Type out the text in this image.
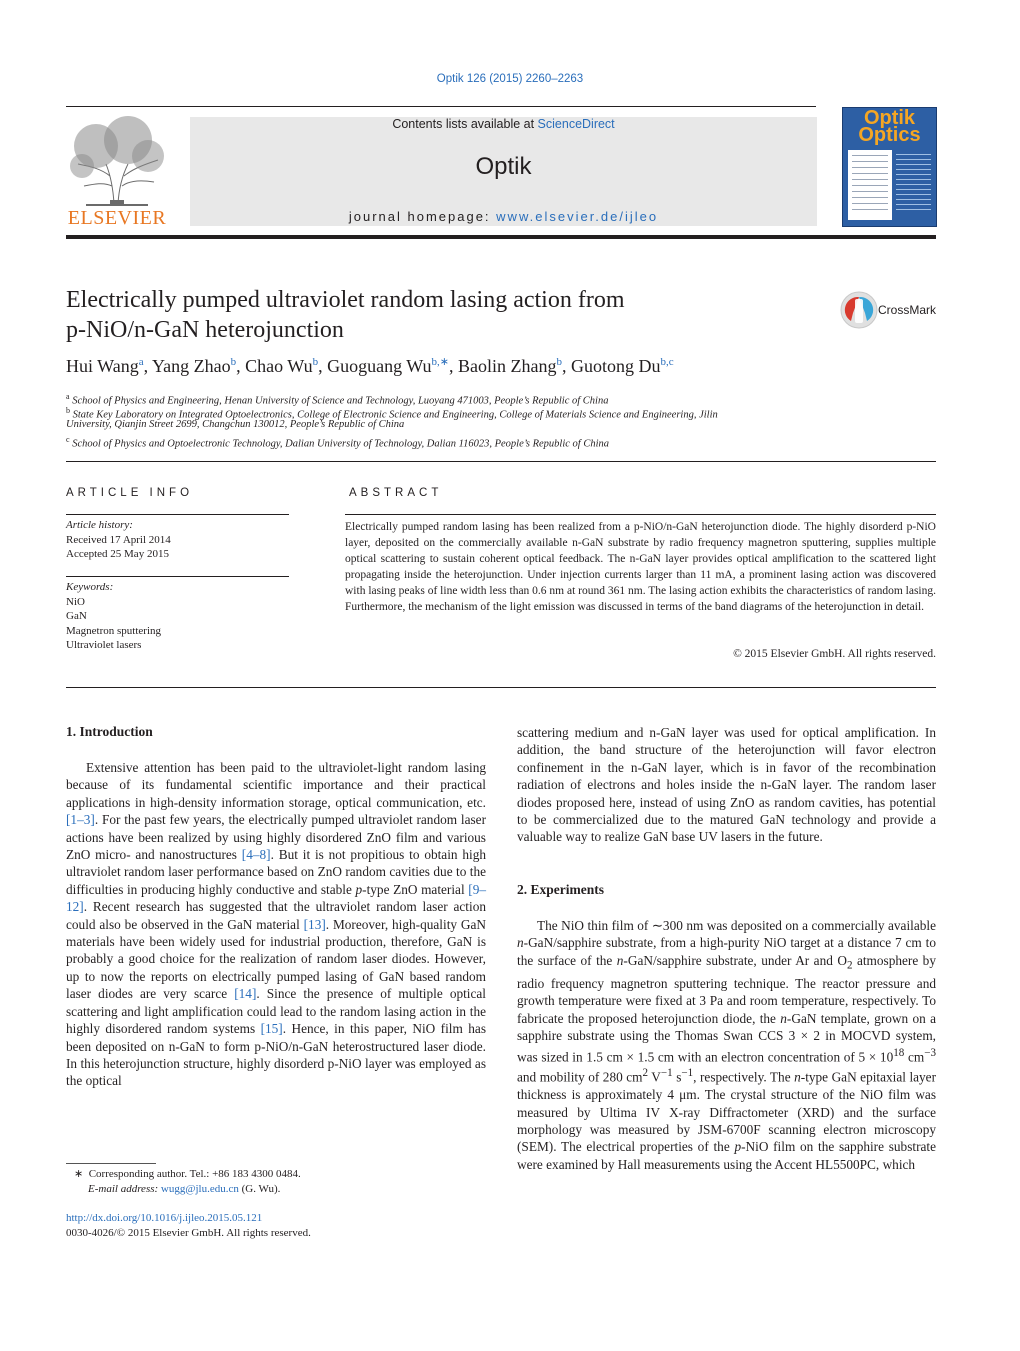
Optik 126 (2015) 2260–2263
ELSEVIER
Contents lists available at ScienceDirect
Optik
journal homepage: www.elsevier.de/ijleo
Optik
Optics
Electrically pumped ultraviolet random lasing action from
p-NiO/n-GaN heterojunction
CrossMark
Hui Wang$^a$, Yang Zhao$^b$, Chao Wu$^b$, Guoguang $Wu^{b,∗}$, Baolin Zhang$^b$, Guotong Du$^{b,c}$
$^a$ School of Physics and Engineering, Henan University of Science and Technology, Luoyang 471003, People’s Republic of China
$^b$ State Key Laboratory on Integrated Optoelectronics, College of Electronic Science and Engineering, College of Materials Science and Engineering, Jilin
University, Qianjin Street 2699, Changchun 130012, People’s Republic of China
$^c$ School of Physics and Optoelectronic Technology, Dalian University of Technology, Dalian 116023, People’s Republic of China
ARTICLE INFO
Article history:
Received 17 April 2014
Accepted 25 May 2015
Keywords:
NiO
GaN
Magnetron sputtering
Ultraviolet lasers
ABSTRACT
Electrically pumped random lasing has been realized from a p-NiO/n-GaN heterojunction diode. The highly disorderd p-NiO layer, deposited on the commercially available n-GaN substrate by radio frequency magnetron sputtering, supplies multiple optical scattering to sustain coherent optical feedback. The n-GaN layer provides optical amplification to the scattered light propagating inside the heterojunction. Under injection currents larger than 11 mA, a prominent lasing action was discovered with lasing peaks of line width less than 0.6 nm at round 361 nm. The lasing action exhibits the characteristics of random lasing. Furthermore, the mechanism of the light emission was discussed in terms of the band diagrams of the heterojunction in detail.
© 2015 Elsevier GmbH. All rights reserved.
1. Introduction

Extensive attention has been paid to the ultraviolet-light random lasing because of its fundamental scientific importance and their practical applications in high-density information storage, optical communication, etc. [1–3]. For the past few years, the electrically pumped ultraviolet random laser actions have been realized by using highly disordered ZnO film and various ZnO micro- and nanostructures [4–8]. But it is not propitious to obtain high ultraviolet random laser performance based on ZnO random cavities due to the difficulties in producing highly conductive and stable p-type ZnO material [9–12]. Recent research has suggested that the ultraviolet random laser action could also be observed in the GaN material [13]. Moreover, high-quality GaN materials have been widely used for industrial production, therefore, GaN is probably a good choice for the realization of random laser diodes. However, up to now the reports on electrically pumped lasing of GaN based random laser diodes are very scarce [14]. Since the presence of multiple optical scattering and light amplification could lead to the random lasing action in the highly disordered random systems [15]. Hence, in this paper, NiO film has been deposited on n-GaN to form p-NiO/n-GaN heterostructured laser diode. In this heterojunction structure, highly disorderd p-NiO layer was employed as the optical

∗ Corresponding author. Tel.: +86 183 4300 0484.
E-mail address: wugg@jlu.edu.cn (G. Wu).
http://dx.doi.org/10.1016/j.ijleo.2015.05.121
0030-4026/© 2015 Elsevier GmbH. All rights reserved.

scattering medium and n-GaN layer was used for optical amplification. In addition, the band structure of the heterojunction will favor electron confinement in the n-GaN layer, which is in favor of the recombination radiation of electrons and holes inside the n-GaN layer. The random laser diodes proposed here, instead of using ZnO as random cavities, has potential to be commercialized due to the matured GaN technology and provide a valuable way to realize GaN base UV lasers in the future.

2. Experiments

The NiO thin film of ∼300 nm was deposited on a commercially available n-GaN/sapphire substrate, from a high-purity NiO target at a distance 7 cm to the surface of the n-GaN/sapphire substrate, under Ar and $O_2$ atmosphere by radio frequency magnetron sputtering technique. The reactor pressure and growth temperature were fixed at 3 Pa and room temperature, respectively. To fabricate the proposed heterojunction diode, the n-GaN template, grown on a sapphire substrate using the Thomas Swan CCS 3 × 2 in MOCVD system, was sized in 1.5 cm × 1.5 cm with an electron concentration of $5 \times 10^{18}$ $cm^{-3}$ and mobility of 280 $cm^2$ $V^{-1}$ $s^{-1}$, respectively. The n-type GaN epitaxial layer thickness is approximately 4 μm. The crystal structure of the NiO film was measured by Ultima IV X-ray Diffractometer (XRD) and the surface morphology was measured by JSM-6700F scanning electron microscopy (SEM). The electrical properties of the p-NiO film on the sapphire substrate were examined by Hall measurements using the Accent HL5500PC, which
